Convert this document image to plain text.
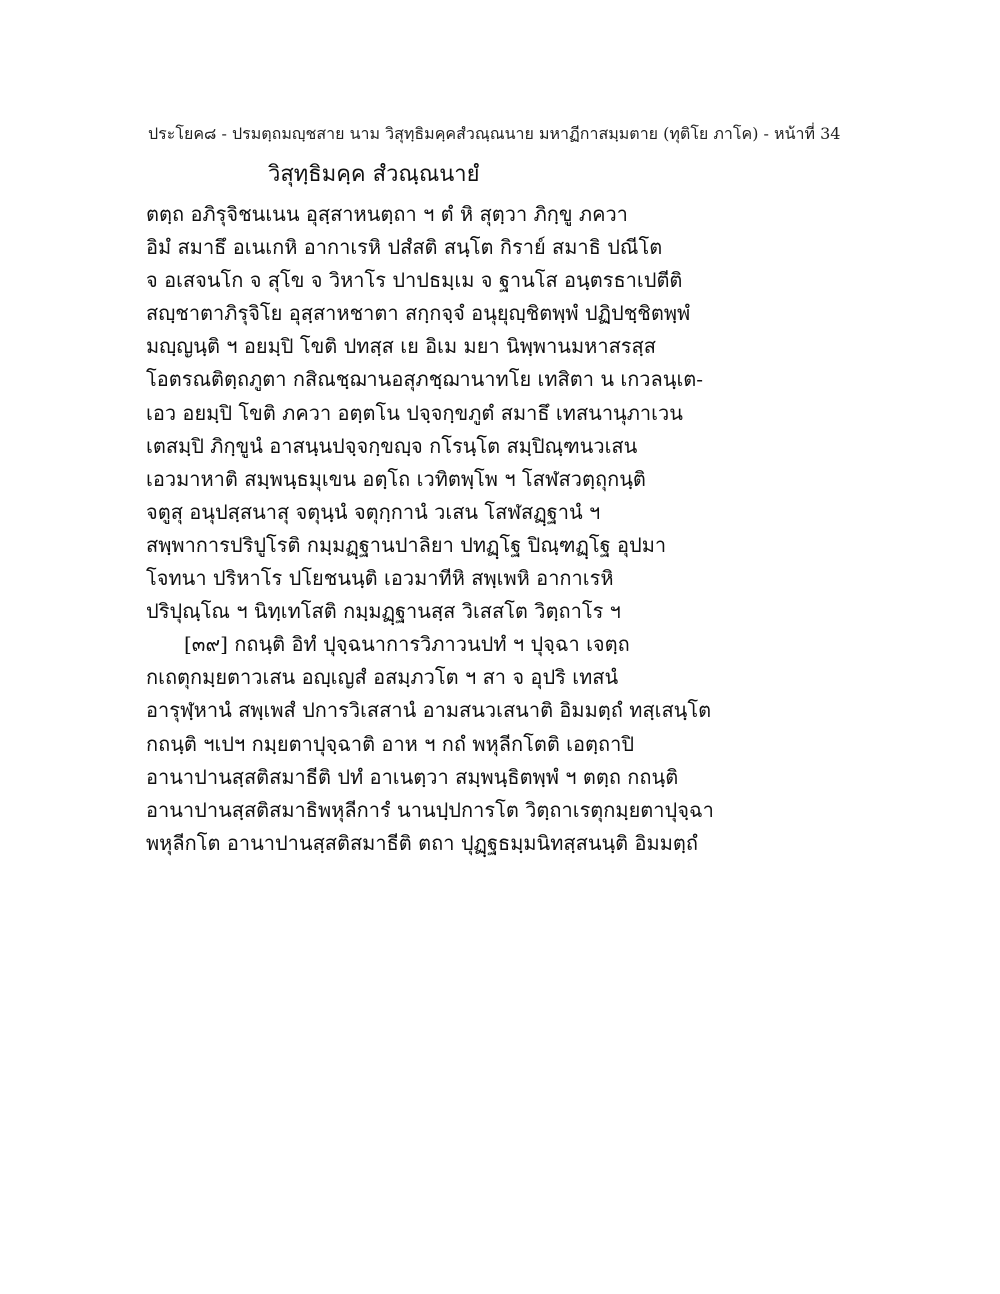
ประโยค๘ - ปรมตฺถมญฺชสาย นาม วิสุทฺธิมคฺคสํวณฺณนาย มหาฏีกาสมฺมตาย (ทุติโย ภาโค) - หน้าที่ 34
วิสุทฺธิมคฺค สํวณฺณนายํ
ตตฺถ อภิรุจิชนเนน อุสฺสาหนตฺถา ฯ ตํ หิ สุตฺวา ภิกฺขู ภควา
อิมํ สมาธึ อเนเกหิ อากาเรหิ ปสํสติ สนฺโต กิราย์ สมาธิ ปณีโต
จ อเสจนโก จ สุโข จ วิหาโร ปาปธมฺเม จ ฐานโส อนฺตรธาเปตีติ
สญฺชาตาภิรุจิโย อุสฺสาหชาตา สกฺกจฺจํ อนุยุญฺชิตพฺพํ ปฏิปชฺชิตพฺพํ
มญฺญนฺติ ฯ อยมฺปิ โขติ ปทสฺส เย อิเม มยา นิพฺพานมหาสรสฺส
โอตรณติตฺถภูตา กสิณชฺฌานอสุภชฺฌานาทโย เทสิตา น เกวลนฺเต-
เอว อยมฺปิ โขติ ภควา อตฺตโน ปจฺจกฺขภูตํ สมาธึ เทสนานุภาเวน
เตสมฺปิ ภิกฺขูนํ อาสนฺนปจฺจกฺขญฺจ กโรนฺโต สมฺปิณฺฑนวเสน
เอวมาหาติ สมฺพนฺธมุเขน อตฺโถ เวทิตพฺโพ ฯ โสฬสวตฺถุกนฺติ
จตูสุ อนุปสฺสนาสุ จตุนฺนํ จตุกฺกานํ วเสน โสฬสฏฺฐานํ ฯ
สพฺพาการปริปูโรติ กมฺมฏฺฐานปาลิยา ปทฏฺโฐ ปิณฺฑฏฺโฐ อุปมา
โจทนา ปริหาโร ปโยชนนฺติ เอวมาทีหิ สพฺเพหิ อากาเรหิ
ปริปุณฺโณ ฯ นิทฺเทโสติ กมฺมฏฺฐานสฺส วิเสสโต วิตฺถาโร ฯ
[๓๙] กถนฺติ อิทํ ปุจฺฉนาการวิภาวนปทํ ฯ ปุจฺฉา เจตฺถ
กเถตุกมฺยตาวเสน อญฺเญสํ อสมฺภวโต ฯ สา จ อุปริ เทสนํ
อารุฬฺหานํ สพฺเพสํ ปการวิเสสานํ อามสนวเสนาติ อิมมตฺถํ ทสฺเสนฺโต
กถนฺติ ฯเปฯ กมฺยตาปุจฺฉาติ อาห ฯ กถํ พหุลีกโตติ เอตฺถาปิ
อานาปานสฺสติสมาธีติ ปทํ อาเนตฺวา สมฺพนฺธิตพฺพํ ฯ ตตฺถ กถนฺติ
อานาปานสฺสติสมาธิพหุลีการํ นานปฺปการโต วิตฺถาเรตุกมฺยตาปุจฺฉา
พหุลีกโต อานาปานสฺสติสมาธีติ ตถา ปุฏฺฐธมฺมนิทสฺสนนฺติ อิมมตฺถํ
